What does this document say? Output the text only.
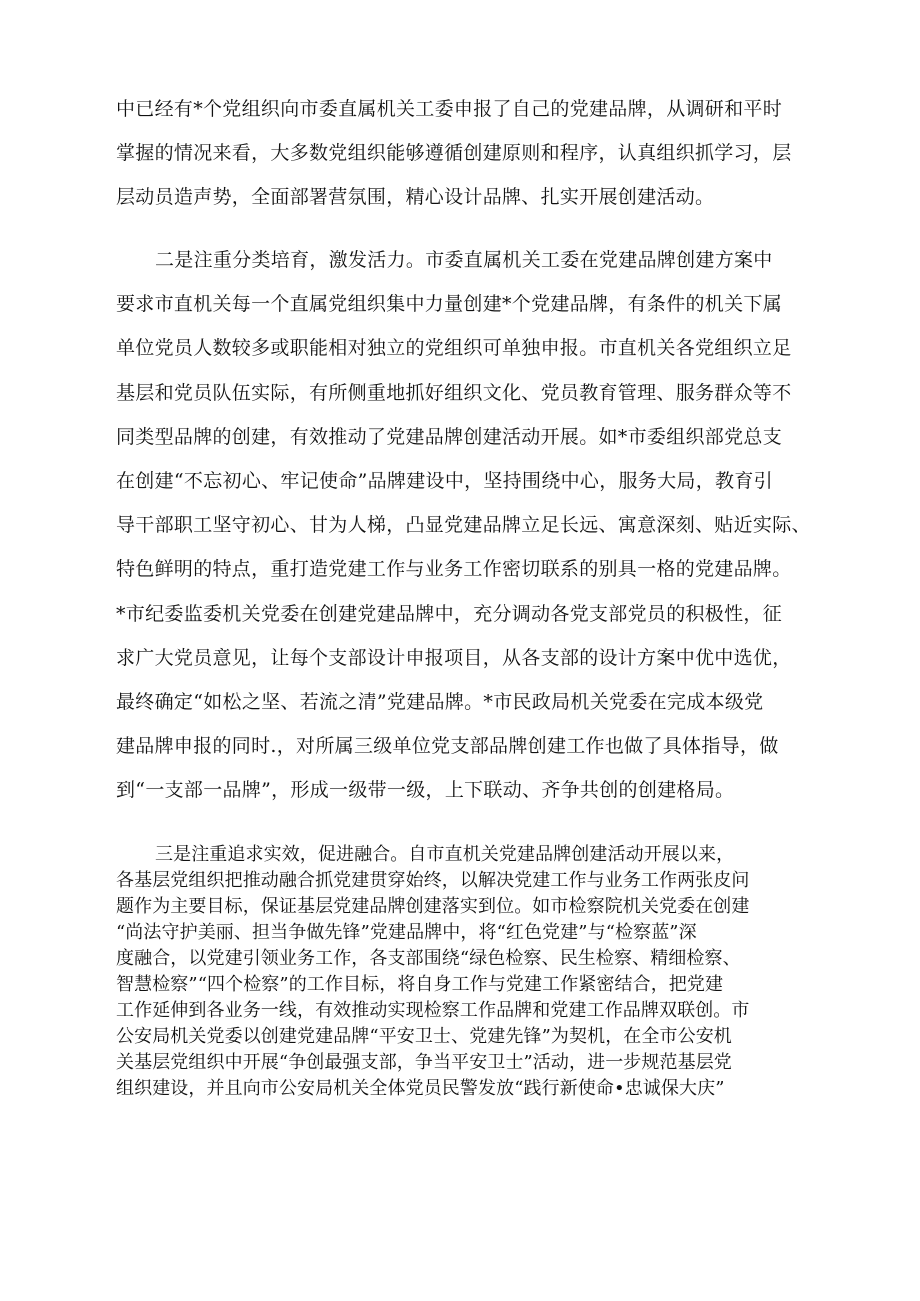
中已经有*个党组织向市委直属机关工委申报了自己的党建品牌，从调研和平时

掌握的情况来看，大多数党组织能够遵循创建原则和程序，认真组织抓学习，层

层动员造声势，全面部署营氛围，精心设计品牌、扎实开展创建活动。

二是注重分类培育，激发活力。市委直属机关工委在党建品牌创建方案中

要求市直机关每一个直属党组织集中力量创建*个党建品牌，有条件的机关下属

单位党员人数较多或职能相对独立的党组织可单独申报。市直机关各党组织立足

基层和党员队伍实际，有所侧重地抓好组织文化、党员教育管理、服务群众等不

同类型品牌的创建，有效推动了党建品牌创建活动开展。如*市委组织部党总支

在创建“不忘初心、牢记使命”品牌建设中，坚持围绕中心，服务大局，教育引

导干部职工坚守初心、甘为人梯，凸显党建品牌立足长远、寓意深刻、贴近实际、

特色鲜明的特点，重打造党建工作与业务工作密切联系的别具一格的党建品牌。

*市纪委监委机关党委在创建党建品牌中，充分调动各党支部党员的积极性，征

求广大党员意见，让每个支部设计申报项目，从各支部的设计方案中优中选优，

最终确定“如松之坚、若流之清”党建品牌。*市民政局机关党委在完成本级党

建品牌申报的同时.，对所属三级单位党支部品牌创建工作也做了具体指导，做

到“一支部一品牌”，形成一级带一级，上下联动、齐争共创的创建格局。

三是注重追求实效，促进融合。自市直机关党建品牌创建活动开展以来，

各基层党组织把推动融合抓党建贯穿始终，以解决党建工作与业务工作两张皮问

题作为主要目标，保证基层党建品牌创建落实到位。如市检察院机关党委在创建

“尚法守护美丽、担当争做先锋”党建品牌中，将“红色党建”与“检察蓝”深

度融合，以党建引领业务工作，各支部围绕“绿色检察、民生检察、精细检察、

智慧检察”“四个检察”的工作目标，将自身工作与党建工作紧密结合，把党建

工作延伸到各业务一线，有效推动实现检察工作品牌和党建工作品牌双联创。市

公安局机关党委以创建党建品牌“平安卫士、党建先锋”为契机，在全市公安机

关基层党组织中开展“争创最强支部，争当平安卫士”活动，进一步规范基层党

组织建设，并且向市公安局机关全体党员民警发放“践行新使命•忠诚保大庆”
